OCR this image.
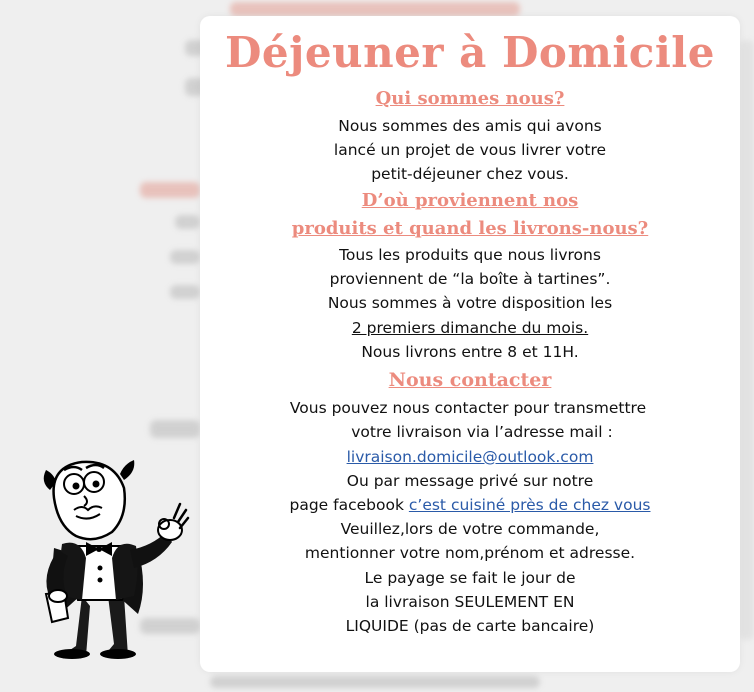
Déjeuner à Domicile
Qui sommes nous?
Nous sommes des amis qui avons
lancé un projet de vous livrer votre
petit-déjeuner chez vous.
D’où proviennent nos
produits et quand les livrons-nous?
Tous les produits que nous livrons
proviennent de “la boîte à tartines”.
Nous sommes à votre disposition les
2 premiers dimanche du mois.
Nous livrons entre 8 et 11H.
Nous contacter
Vous pouvez nous contacter pour transmettre
votre livraison via l’adresse mail :
livraison.domicile@outlook.com
Ou par message privé sur notre
page facebook c’est cuisiné près de chez vous
Veuillez,lors de votre commande,
mentionner votre nom,prénom et adresse.
Le payage se fait le jour de
la livraison SEULEMENT EN
LIQUIDE (pas de carte bancaire)
